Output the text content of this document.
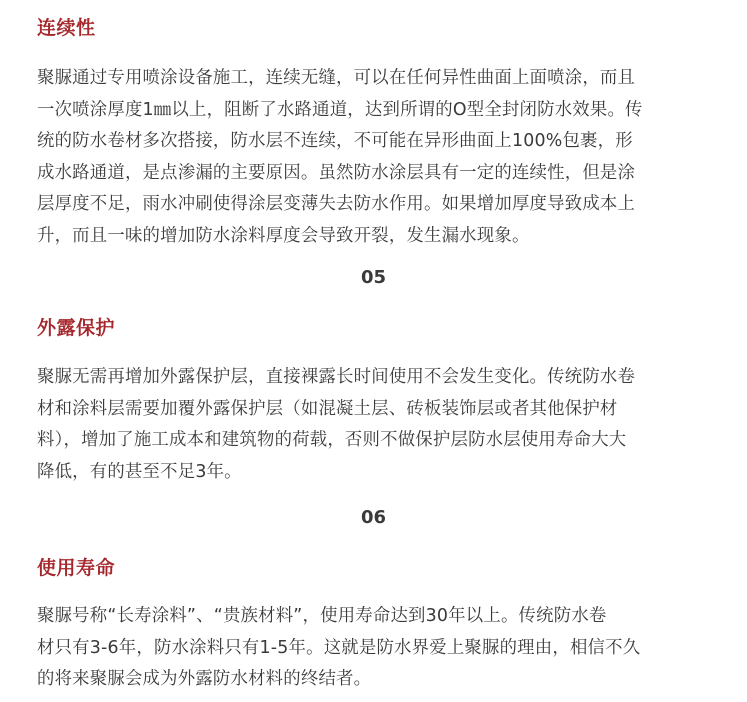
连续性
聚脲通过专用喷涂设备施工，连续无缝，可以在任何异性曲面上面喷涂，而且
一次喷涂厚度1㎜以上，阻断了水路通道，达到所谓的O型全封闭防水效果。传
统的防水卷材多次搭接，防水层不连续，不可能在异形曲面上100%包裹，形
成水路通道，是点渗漏的主要原因。虽然防水涂层具有一定的连续性，但是涂
层厚度不足，雨水冲刷使得涂层变薄失去防水作用。如果增加厚度导致成本上
升，而且一味的增加防水涂料厚度会导致开裂，发生漏水现象。
05
外露保护
聚脲无需再增加外露保护层，直接裸露长时间使用不会发生变化。传统防水卷
材和涂料层需要加覆外露保护层（如混凝土层、砖板装饰层或者其他保护材
料），增加了施工成本和建筑物的荷载，否则不做保护层防水层使用寿命大大
降低，有的甚至不足3年。
06
使用寿命
聚脲号称“长寿涂料”、“贵族材料”，使用寿命达到30年以上。传统防水卷
材只有3-6年，防水涂料只有1-5年。这就是防水界爱上聚脲的理由，相信不久
的将来聚脲会成为外露防水材料的终结者。
